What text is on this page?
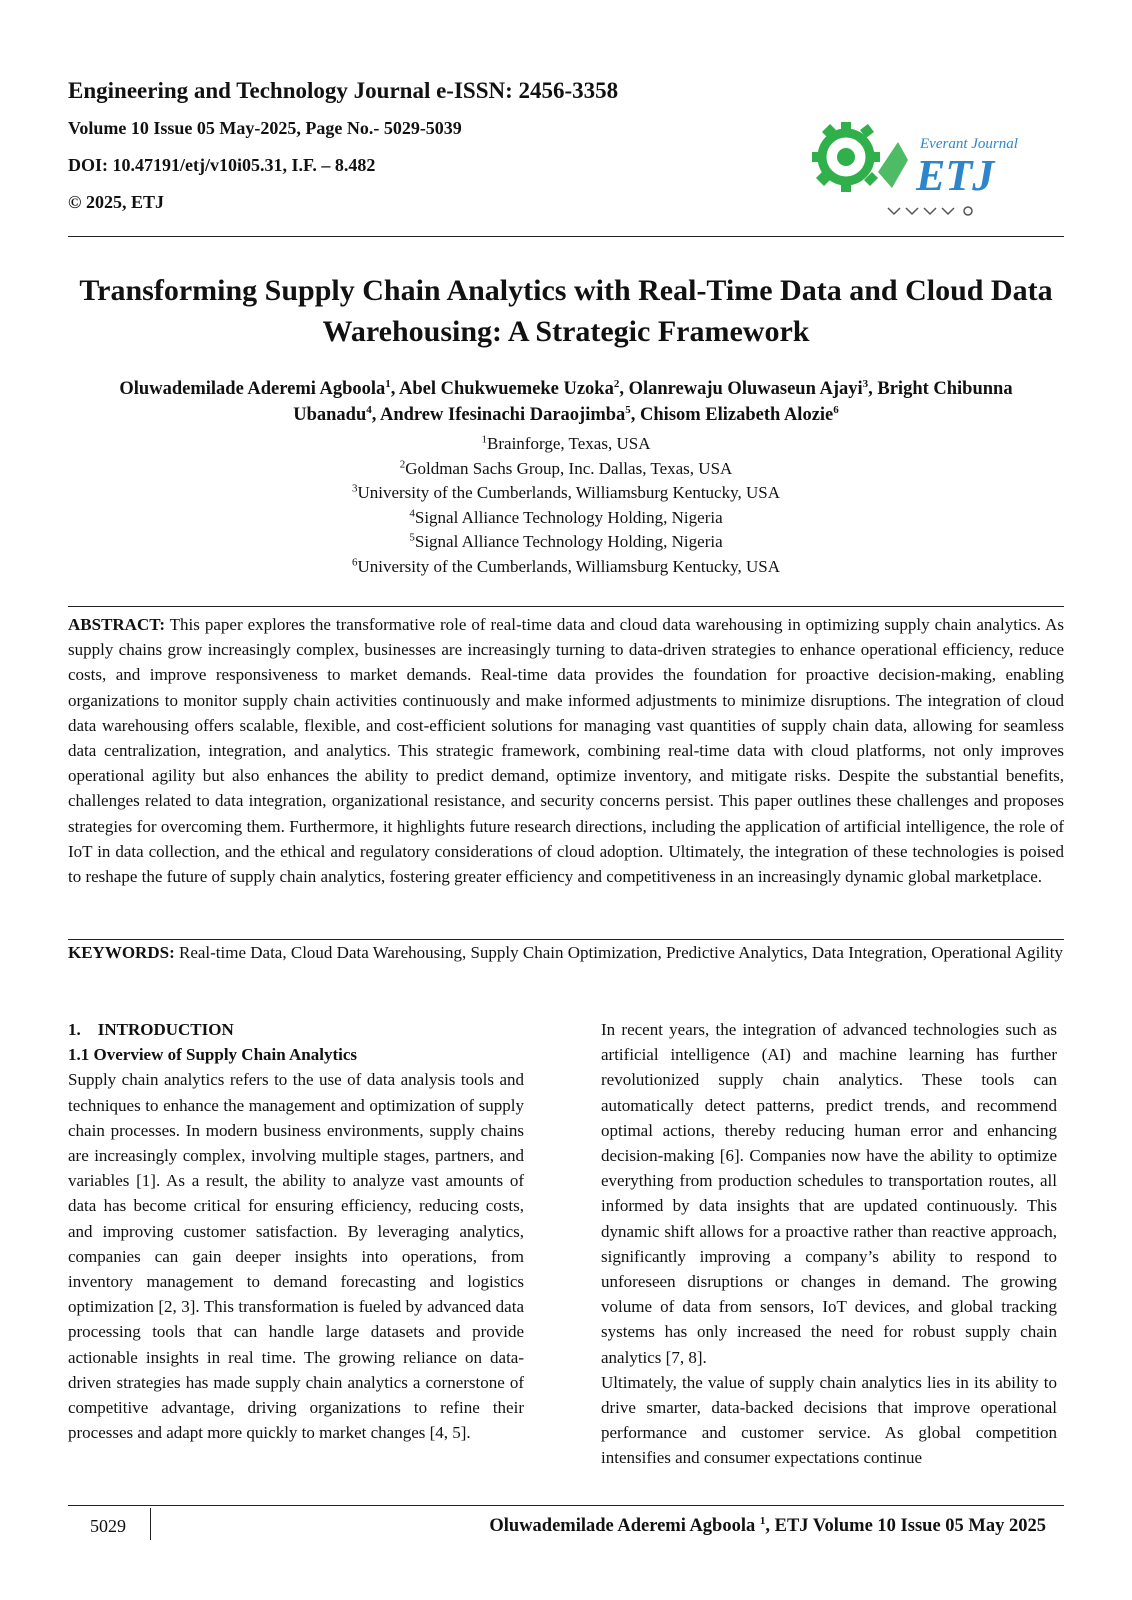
Engineering and Technology Journal e-ISSN: 2456-3358
Volume 10 Issue 05 May-2025, Page No.- 5029-5039
DOI: 10.47191/etj/v10i05.31, I.F. – 8.482
© 2025, ETJ
Everant Journal
ETJ
Transforming Supply Chain Analytics with Real-Time Data and Cloud Data Warehousing: A Strategic Framework
Oluwademilade Aderemi Agboola$^1$, Abel Chukwuemeke Uzoka$^2$, Olanrewaju Oluwaseun Ajayi$^3$, Bright Chibunna Ubanadu$^4$, Andrew Ifesinachi Daraojimba$^5$, Chisom Elizabeth Alozie$^6$
$^1$Brainforge, Texas, USA
$^2$Goldman Sachs Group, Inc. Dallas, Texas, USA
$^3$University of the Cumberlands, Williamsburg Kentucky, USA
$^4$Signal Alliance Technology Holding, Nigeria
$^5$Signal Alliance Technology Holding, Nigeria
$^6$University of the Cumberlands, Williamsburg Kentucky, USA
ABSTRACT: This paper explores the transformative role of real-time data and cloud data warehousing in optimizing supply chain analytics. As supply chains grow increasingly complex, businesses are increasingly turning to data-driven strategies to enhance operational efficiency, reduce costs, and improve responsiveness to market demands. Real-time data provides the foundation for proactive decision-making, enabling organizations to monitor supply chain activities continuously and make informed adjustments to minimize disruptions. The integration of cloud data warehousing offers scalable, flexible, and cost-efficient solutions for managing vast quantities of supply chain data, allowing for seamless data centralization, integration, and analytics. This strategic framework, combining real-time data with cloud platforms, not only improves operational agility but also enhances the ability to predict demand, optimize inventory, and mitigate risks. Despite the substantial benefits, challenges related to data integration, organizational resistance, and security concerns persist. This paper outlines these challenges and proposes strategies for overcoming them. Furthermore, it highlights future research directions, including the application of artificial intelligence, the role of IoT in data collection, and the ethical and regulatory considerations of cloud adoption. Ultimately, the integration of these technologies is poised to reshape the future of supply chain analytics, fostering greater efficiency and competitiveness in an increasingly dynamic global marketplace.
KEYWORDS: Real-time Data, Cloud Data Warehousing, Supply Chain Optimization, Predictive Analytics, Data Integration, Operational Agility

1.    INTRODUCTION

1.1 Overview of Supply Chain Analytics

Supply chain analytics refers to the use of data analysis tools and techniques to enhance the management and optimization of supply chain processes. In modern business environments, supply chains are increasingly complex, involving multiple stages, partners, and variables [1]. As a result, the ability to analyze vast amounts of data has become critical for ensuring efficiency, reducing costs, and improving customer satisfaction. By leveraging analytics, companies can gain deeper insights into operations, from inventory management to demand forecasting and logistics optimization [2, 3]. This transformation is fueled by advanced data processing tools that can handle large datasets and provide actionable insights in real time. The growing reliance on data-driven strategies has made supply chain analytics a cornerstone of competitive advantage, driving organizations to refine their processes and adapt more quickly to market changes [4, 5].

In recent years, the integration of advanced technologies such as artificial intelligence (AI) and machine learning has further revolutionized supply chain analytics. These tools can automatically detect patterns, predict trends, and recommend optimal actions, thereby reducing human error and enhancing decision-making [6]. Companies now have the ability to optimize everything from production schedules to transportation routes, all informed by data insights that are updated continuously. This dynamic shift allows for a proactive rather than reactive approach, significantly improving a company’s ability to respond to unforeseen disruptions or changes in demand. The growing volume of data from sensors, IoT devices, and global tracking systems has only increased the need for robust supply chain analytics [7, 8].

Ultimately, the value of supply chain analytics lies in its ability to drive smarter, data-backed decisions that improve operational performance and customer service. As global competition intensifies and consumer expectations continue

5029	Oluwademilade Aderemi Agboola $^1$, ETJ Volume 10 Issue 05 May 2025
